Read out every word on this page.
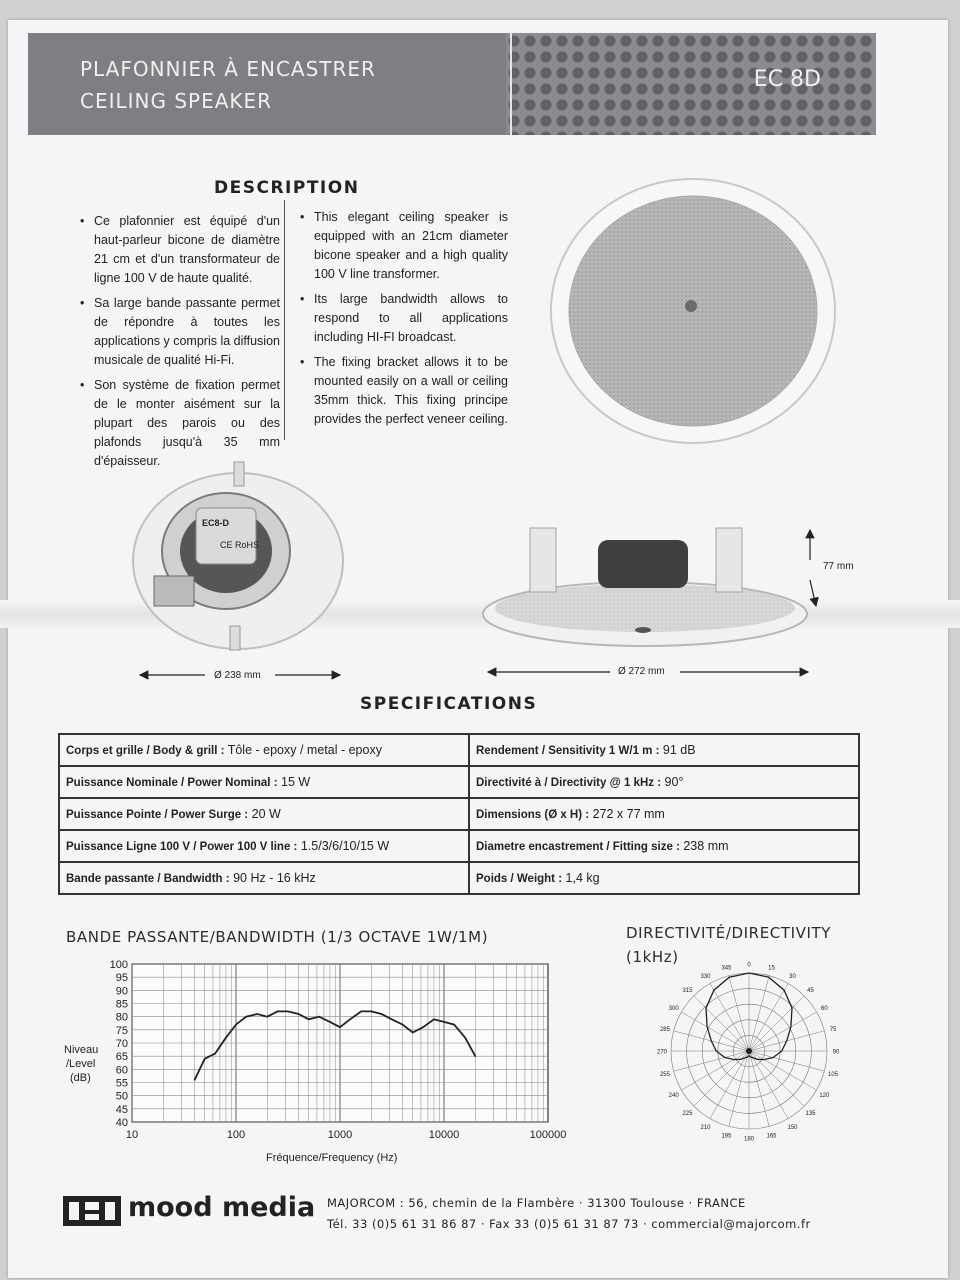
PLAFONNIER À ENCASTRER
CEILING SPEAKER
EC 8D
DESCRIPTION

• Ce plafonnier est équipé d'un haut-parleur bicone de diamètre 21 cm et d'un transformateur de ligne 100 V de haute qualité.

• Sa large bande passante permet de répondre à toutes les applications y compris la diffusion musicale de qualité Hi-Fi.

• Son système de fixation permet de le monter aisément sur la plupart des parois ou des plafonds jusqu'à 35 mm d'épaisseur.

• This elegant ceiling speaker is equipped with an 21cm diameter bicone speaker and a high quality 100 V line transformer.

• Its large bandwidth allows to respond to all applications including HI-FI broadcast.

• The fixing bracket allows it to be mounted easily on a wall or ceiling 35mm thick. This fixing principe provides the perfect veneer ceiling.

EC8-D
CE RoHS
Ø 238 mm	Ø 272 mm
77 mm
SPECIFICATIONS
Corps et grille / Body & grill : Tôle - epoxy / metal - epoxy	Rendement / Sensitivity 1 W/1 m : 91 dB
Puissance Nominale / Power Nominal : 15 W	Directivité à / Directivity @ 1 kHz : 90°
Puissance Pointe / Power Surge : 20 W	Dimensions (Ø x H) : 272 x 77 mm
Puissance Ligne 100 V / Power 100 V line : 1.5/3/6/10/15 W	Diametre encastrement / Fitting size : 238 mm
Bande passante / Bandwidth : 90 Hz - 16 kHz	Poids / Weight : 1,4 kg
BANDE PASSANTE/BANDWIDTH (1/3 OCTAVE 1W/1M)
Niveau
/Level
(dB)
Fréquence/Frequency (Hz)
100
95
90
85
80
75
70
65
60
55
50
45
40
10	100	1000	10000	100000
DIRECTIVITÉ/DIRECTIVITY
(1kHz)	0	15
30
45
60
75
90
105
120
135
150
165
180
195
210
225
240
255
270
285
300
315
330
345
mood media MAJORCOM : 56, chemin de la Flambère · 31300 Toulouse · FRANCE
Tél. 33 (0)5 61 31 86 87 · Fax 33 (0)5 61 31 87 73 · commercial@majorcom.fr
